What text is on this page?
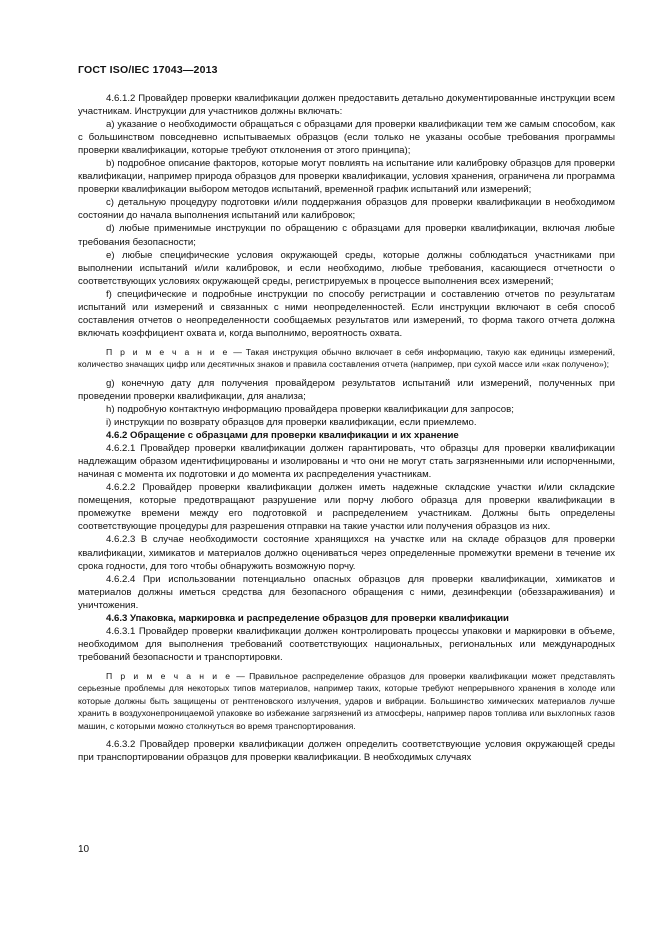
ГОСТ ISO/IEC 17043—2013

4.6.1.2 Провайдер проверки квалификации должен предоставить детально документированные инструкции всем участникам. Инструкции для участников должны включать:

а) указание о необходимости обращаться с образцами для проверки квалификации тем же самым способом, как с большинством повседневно испытываемых образцов (если только не указаны особые требования программы проверки квалификации, которые требуют отклонения от этого принципа);

b) подробное описание факторов, которые могут повлиять на испытание или калибровку образцов для проверки квалификации, например природа образцов для проверки квалификации, условия хранения, ограничена ли программа проверки квалификации выбором методов испытаний, временной график испытаний или измерений;

с) детальную процедуру подготовки и/или поддержания образцов для проверки квалификации в необходимом состоянии до начала выполнения испытаний или калибровок;

d) любые применимые инструкции по обращению с образцами для проверки квалификации, включая любые требования безопасности;

е) любые специфические условия окружающей среды, которые должны соблюдаться участниками при выполнении испытаний и/или калибровок, и если необходимо, любые требования, касающиеся отчетности о соответствующих условиях окружающей среды, регистрируемых в процессе выполнения всех измерений;

f) специфические и подробные инструкции по способу регистрации и составлению отчетов по результатам испытаний или измерений и связанных с ними неопределенностей. Если инструкции включают в себя способ составления отчетов о неопределенности сообщаемых результатов или измерений, то форма такого отчета должна включать коэффициент охвата и, когда выполнимо, вероятность охвата.

П р и м е ч а н и е — Такая инструкция обычно включает в себя информацию, такую как единицы измерений, количество значащих цифр или десятичных знаков и правила составления отчета (например, при сухой массе или «как получено»);

g) конечную дату для получения провайдером результатов испытаний или измерений, полученных при проведении проверки квалификации, для анализа;

h) подробную контактную информацию провайдера проверки квалификации для запросов;

i) инструкции по возврату образцов для проверки квалификации, если приемлемо.

4.6.2 Обращение с образцами для проверки квалификации и их хранение

4.6.2.1 Провайдер проверки квалификации должен гарантировать, что образцы для проверки квалификации надлежащим образом идентифицированы и изолированы и что они не могут стать загрязненными или испорченными, начиная с момента их подготовки и до момента их распределения участникам.

4.6.2.2 Провайдер проверки квалификации должен иметь надежные складские участки и/или складские помещения, которые предотвращают разрушение или порчу любого образца для проверки квалификации в промежутке времени между его подготовкой и распределением участникам. Должны быть определены соответствующие процедуры для разрешения отправки на такие участки или получения образцов из них.

4.6.2.3 В случае необходимости состояние хранящихся на участке или на складе образцов для проверки квалификации, химикатов и материалов должно оцениваться через определенные промежутки времени в течение их срока годности, для того чтобы обнаружить возможную порчу.

4.6.2.4 При использовании потенциально опасных образцов для проверки квалификации, химикатов и материалов должны иметься средства для безопасного обращения с ними, дезинфекции (обеззараживания) и уничтожения.

4.6.3 Упаковка, маркировка и распределение образцов для проверки квалификации

4.6.3.1 Провайдер проверки квалификации должен контролировать процессы упаковки и маркировки в объеме, необходимом для выполнения требований соответствующих национальных, региональных или международных требований безопасности и транспортировки.

П р и м е ч а н и е — Правильное распределение образцов для проверки квалификации может представлять серьезные проблемы для некоторых типов материалов, например таких, которые требуют непрерывного хранения в холоде или которые должны быть защищены от рентгеновского излучения, ударов и вибрации. Большинство химических материалов лучше хранить в воздухонепроницаемой упаковке во избежание загрязнений из атмосферы, например паров топлива или выхлопных газов машин, с которыми можно столкнуться во время транспортирования.

4.6.3.2 Провайдер проверки квалификации должен определить соответствующие условия окружающей среды при транспортировании образцов для проверки квалификации. В необходимых случаях

10
